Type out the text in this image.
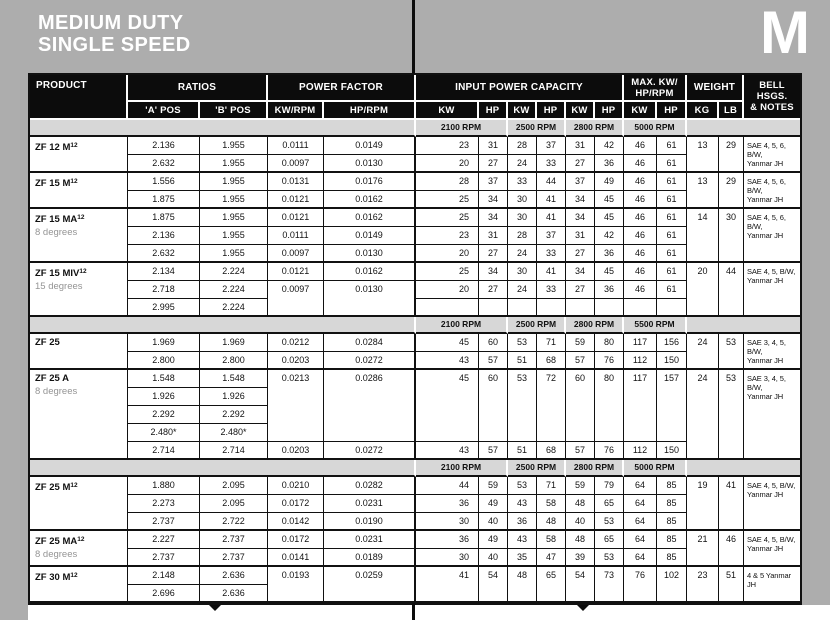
MEDIUM DUTY
SINGLE SPEED	M
PRODUCT	RATIOS
'A' POS	'B' POS
POWER FACTOR
KW/RPM	HP/RPM
INPUT POWER CAPACITY
KW	HP	KW	HP	KW	HP
MAX. KW/
HP/RPM
KW	HP
WEIGHT
KG	LB
BELL HSGS.
& NOTES
2100 RPM	2500 RPM	2800 RPM	5000 RPM
ZF 12 $M^{12}$	2.136	1.955	0.0111	0.0149	23	31	28	37	31	42	46	61
2.632	1.955	0.0097	0.0130	20	27	24	33	27	36	46	61
13	29	SAE 4, 5, 6, B/W,
Yanmar JH
ZF 15 $M^{12}$	1.556	1.955	0.0131	0.0176	28	37	33	44	37	49	46	61
1.875	1.955	0.0121	0.0162	25	34	30	41	34	45	46	61
13	29	SAE 4, 5, 6, B/W,
Yanmar JH
ZF 15 MA$^{12}$
8 degrees
1.875	1.955	0.0121	0.0162	25	34	30	41	34	45	46	61
2.136	1.955	0.0111	0.0149	23	31	28	37	31	42	46	61
2.632	1.955	0.0097	0.0130	20	27	24	33	27	36	46	61
14	30	SAE 4, 5, 6, B/W,
Yanmar JH
ZF 15 MIV$^{12}$
15 degrees
2.134	2.224	0.0121	0.0162	25	34	30	41	34	45	46	61
2.718	2.224	0.0097	0.0130	20	27	24	33	27	36	46	61
2.995	2.224
20	44	SAE 4, 5, B/W,
Yanmar JH
2100 RPM	2500 RPM	2800 RPM	5500 RPM
ZF 25	1.969	1.969	0.0212	0.0284	45	60	53	71	59	80	117	156
2.800	2.800	0.0203	0.0272	43	57	51	68	57	76	112	150
24	53	SAE 3, 4, 5, B/W,
Yanmar JH
ZF 25 A
8 degrees
1.548	1.548	0.0213	0.0286	45	60	53	72	60	80	117	157
1.926	1.926
2.292	2.292
2.480*	2.480*
2.714	2.714	0.0203	0.0272	43	57	51	68	57	76	112	150
24	53	SAE 3, 4, 5, B/W,
Yanmar JH
2100 RPM	2500 RPM	2800 RPM	5000 RPM
ZF 25 $M^{12}$	1.880	2.095	0.0210	0.0282	44	59	53	71	59	79	64	85
2.273	2.095	0.0172	0.0231	36	49	43	58	48	65	64	85
2.737	2.722	0.0142	0.0190	30	40	36	48	40	53	64	85
19	41	SAE 4, 5, B/W,
Yanmar JH
ZF 25 MA$^{12}$
8 degrees
2.227	2.737	0.0172	0.0231	36	49	43	58	48	65	64	85
2.737	2.737	0.0141	0.0189	30	40	35	47	39	53	64	85
21	46	SAE 4, 5, B/W,
Yanmar JH
ZF 30 $M^{12}$	2.148	2.636	0.0193	0.0259	41	54	48	65	54	73	76	102
2.696	2.636
23	51	4 & 5 Yanmar JH
